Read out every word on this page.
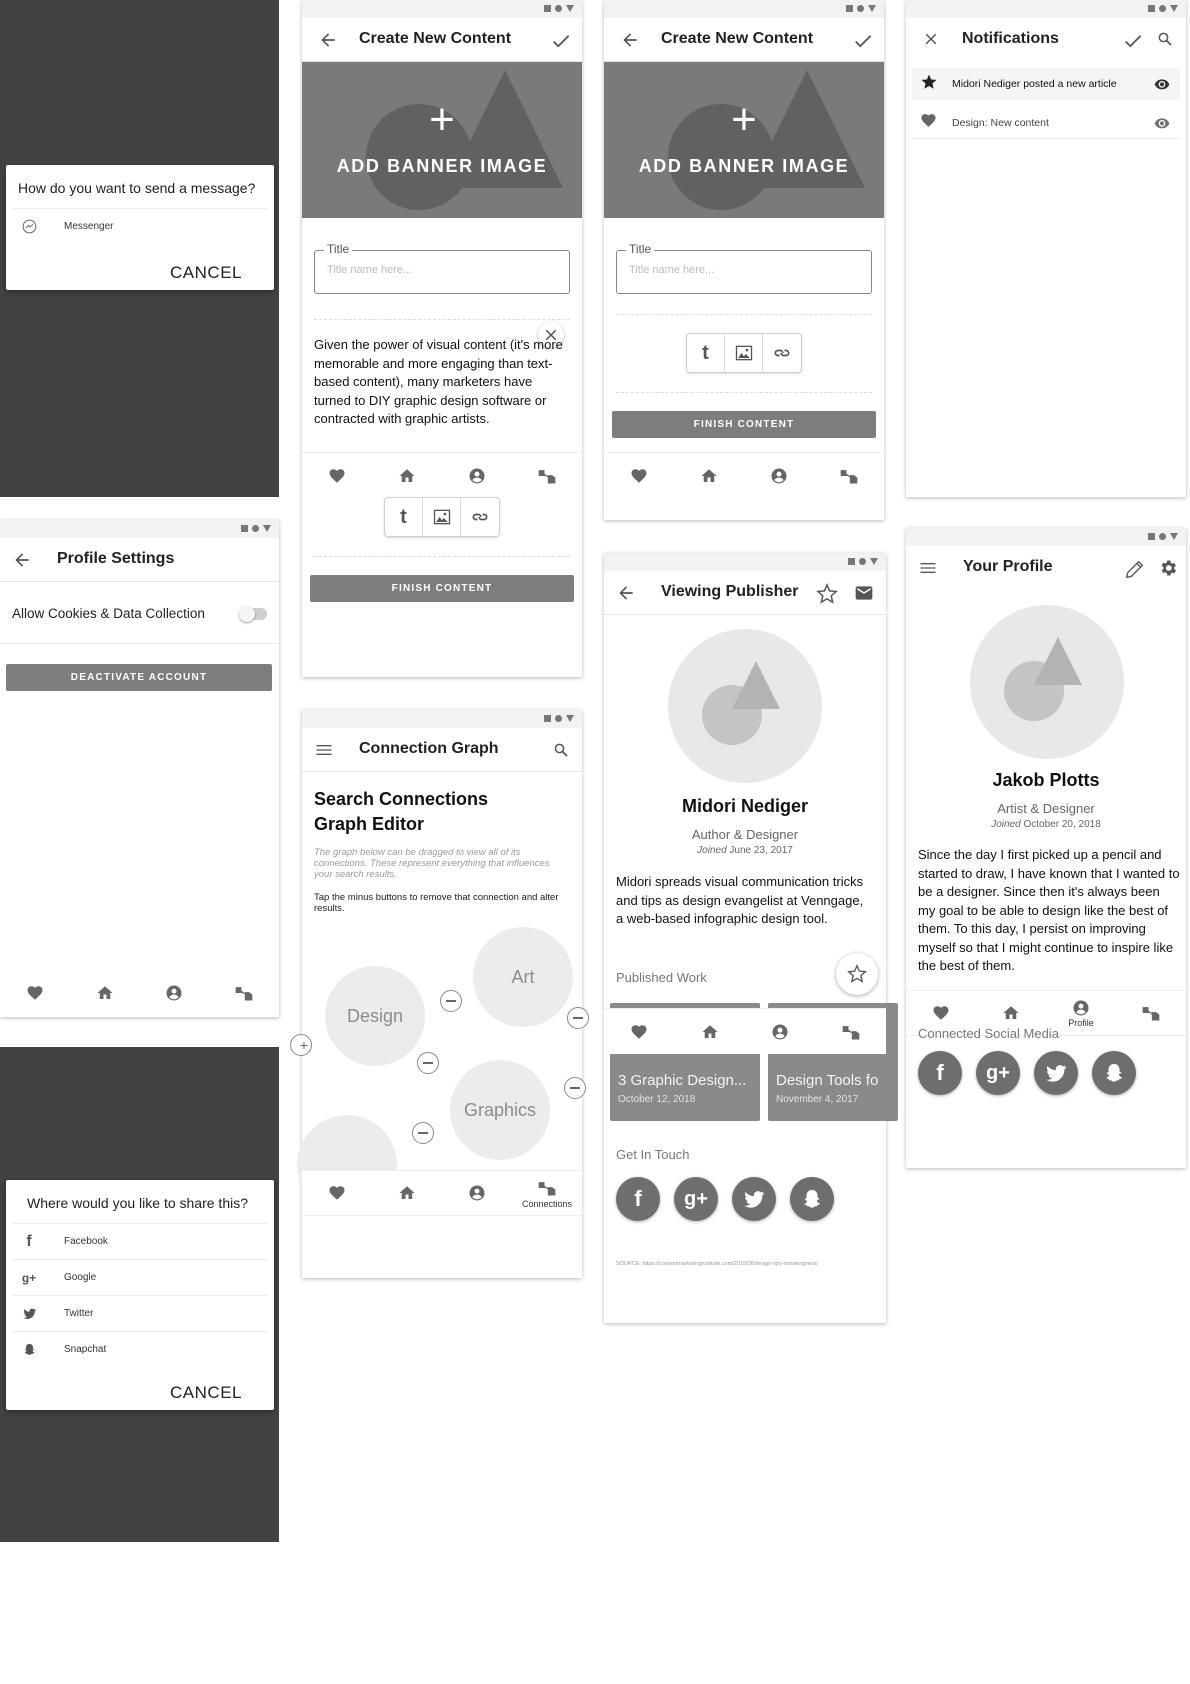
How do you want to send a message?
Messenger
CANCEL
Create New Content
+
ADD BANNER IMAGE
Title
Title name here...
Given the power of visual content (it's more memorable and more engaging than text-based content), many marketers have turned to DIY graphic design software or contracted with graphic artists.
t
FINISH CONTENT
Create New Content
+
ADD BANNER IMAGE
Title
Title name here...
t
FINISH CONTENT
Notifications
Midori Nediger posted a new article
Design: New content
Profile Settings
Allow Cookies & Data Collection
DEACTIVATE ACCOUNT
Where would you like to share this?
f	Facebook
g+	Google
Twitter
Snapchat
CANCEL
Connection Graph
Search Connections Graph Editor
The graph below can be dragged to view all of its connections. These represent everything that influences your search results.
Tap the minus buttons to remove that connection and alter results.
Design
Art
Graphics
+
Connections
Viewing Publisher
Midori Nediger
Author & Designer
Joined June 23, 2017
Midori spreads visual communication tricks and tips as design evangelist at Venngage, a web-based infographic design tool.
Published Work
3 Graphic Design...
October 12, 2018
Design Tools fo
November 4, 2017
Get In Touch
f	g+
SOURCE: https://contentmarketinginstitute.com/2018/06/design-tips-nondesigners/
Your Profile
Jakob Plotts
Artist & Designer
Joined October 20, 2018
Since the day I first picked up a pencil and started to draw, I have known that I wanted to be a designer. Since then it's always been my goal to be able to design like the best of them. To this day, I persist on improving myself so that I might continue to inspire like the best of them.
Profile
Connected Social Media
f	g+
